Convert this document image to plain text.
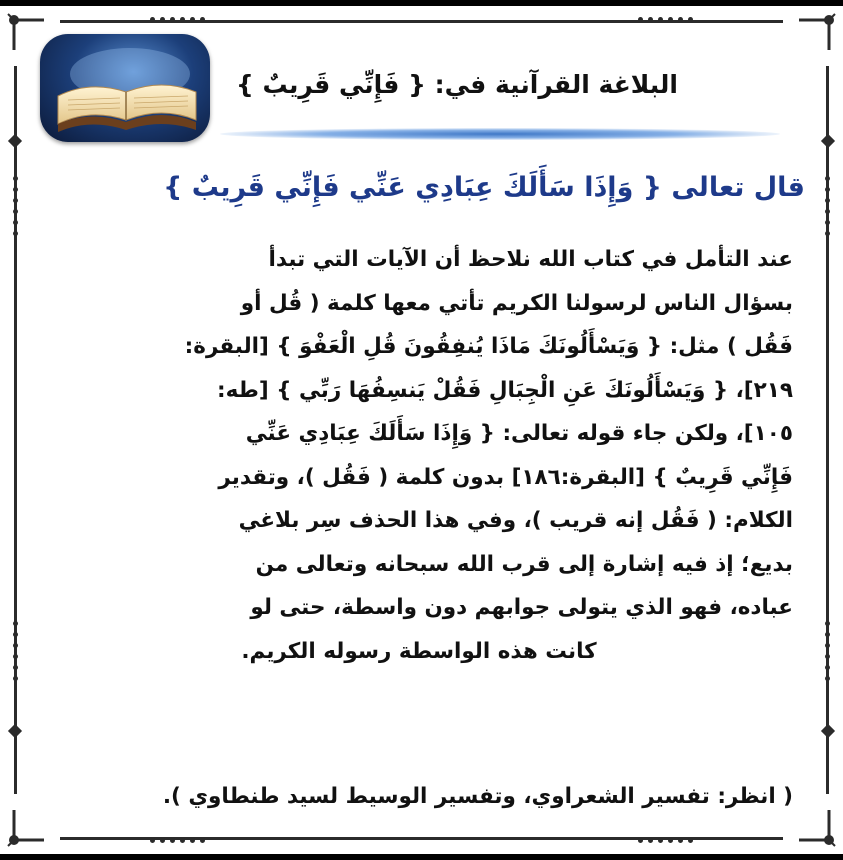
البلاغة القرآنية في: { فَإِنِّي قَرِيبٌ }
قال تعالى { وَإِذَا سَأَلَكَ عِبَادِي عَنِّي فَإِنِّي قَرِيبٌ }
عند التأمل في كتاب الله نلاحظ أن الآيات التي تبدأ
بسؤال الناس لرسولنا الكريم تأتي معها كلمة ( قُل أو
فَقُل ) مثل: { وَيَسْأَلُونَكَ مَاذَا يُنفِقُونَ قُلِ الْعَفْوَ } [البقرة:
٢١٩]، { وَيَسْأَلُونَكَ عَنِ الْجِبَالِ فَقُلْ يَنسِفُهَا رَبِّي } [طه:
١٠٥]، ولكن جاء قوله تعالى: { وَإِذَا سَأَلَكَ عِبَادِي عَنِّي
فَإِنِّي قَرِيبٌ } [البقرة:١٨٦] بدون كلمة ( فَقُل )، وتقدير
الكلام: ( فَقُل إنه قريب )، وفي هذا الحذف سِر بلاغي
بديع؛ إذ فيه إشارة إلى قرب الله سبحانه وتعالى من
عباده، فهو الذي يتولى جوابهم دون واسطة، حتى لو
كانت هذه الواسطة رسوله الكريم.
( انظر: تفسير الشعراوي، وتفسير الوسيط لسيد طنطاوي ).
